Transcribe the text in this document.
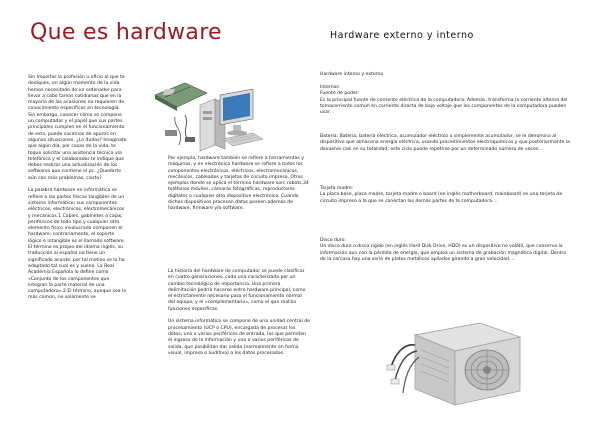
Que es hardware	Hardware externo y interno

Sin importar la profesión u oficio al que te dediques, en algún momento de la vida hemos necesitado de un ordenador para llevar a cabo tareas cotidianas que en la mayoría de las ocasiones no requieren de conocimiento específicos en tecnología. Sin embargo, conocer cómo se compone un computador y el papel que sus partes principales cumplen en el funcionamiento de esta, puede sacarnos de apuros en algunas situaciones. ¿Lo dudas? Imagínate que algún día, por cosas de la vida, te toque solicitar una asistencia técnica vía telefónica y el colaborador te indique que debes realizar una actualización de los softwares que contiene el pc. ¿Quedarte aún con más problemas, cierto?

La palabra hardware en informática se refiere a las partes físicas tangibles de un sistema informático; sus componentes eléctricos, electrónicos, electromecánicos y mecánicos.1 Cables, gabinetes o cajas, periféricos de todo tipo y cualquier otro elemento físico involucrado componen el hardware; contrariamente, el soporte lógico e intangible es el llamado software. El término es propio del idioma inglés, su traducción al español no tiene un significado acorde, por tal motivo se lo ha adoptado tal cual es y suena. La Real Academia Española lo define como «Conjunto de los componentes que integran la parte material de una computadora».2 El término, aunque sea lo más común, no solamente se

Por ejemplo, hardware también se refiere a herramientas y máquinas, y en electrónica hardware se refiere a todos los componentes electrónicos, eléctricos, electromecánicos, mecánicos, cableados y tarjetas de circuito impreso. Otros ejemplos donde se aplica el término hardware son: robots,34 teléfonos móviles, cámaras fotográficas, reproductores digitales o cualquier otro dispositivo electrónico. Cuando dichos dispositivos procesan datos poseen además de hardware, firmware y/o software.

La historia del hardware de computador se puede clasificar en cuatro generaciones, cada una caracterizada por un cambio tecnológico de importancia. Una primera delimitación podría hacerse entre hardware principal, como el estrictamente necesario para el funcionamiento normal del equipo, y el «complementario», como el que realiza funciones específicas.

Un sistema informático se compone de una unidad central de procesamiento (UCP o CPU), encargada de procesar los datos, uno o varios periféricos de entrada, los que permiten el ingreso de la información y uno o varios periféricos de salida, que posibilitan dar salida (normalmente en forma visual, impresa o auditiva) a los datos procesados.

Hardware interno y externo
Internos:
Fuente de poder:
Es la principal fuente de corriente eléctrica de la computadora. Además, transforma la corriente alterna del tomacorriente común en corriente directa de bajo voltaje que los componentes de la computadora pueden usar. .
Batería: Batería, batería eléctrica, acumulador eléctrico o simplemente acumulador, se le denomina al dispositivo que almacena energía eléctrica, usando procedimientos electroquímicos y que posteriormente la devuelve casi en su totalidad; este ciclo puede repetirse por un determinado número de veces. .
Tarjeta madre:
La placa base, placa madre, tarjeta madre o board (en inglés motherboard, mainboard) es una tarjeta de circuito impreso a la que se conectan las demás partes de la computadora. ..
Disco duro:
Un disco duro o disco rígido (en inglés Hard Disk Drive, HDD) es un dispositivo no volátil, que conserva la información aun con la pérdida de energía, que emplea un sistema de grabación magnética digital. Dentro de la carcasa hay una serie de platos metálicos apilados girando a gran velocidad. ..
